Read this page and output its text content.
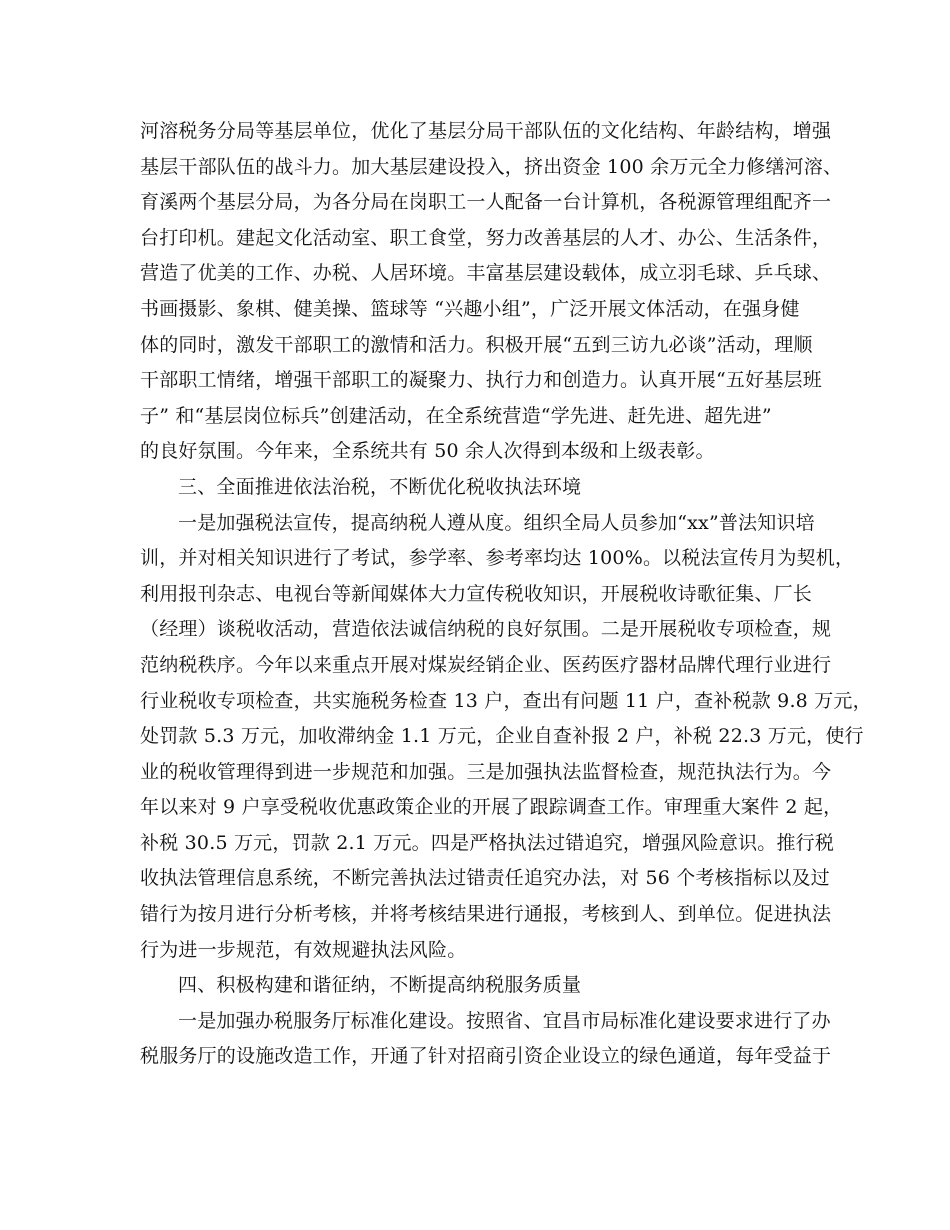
河溶税务分局等基层单位，优化了基层分局干部队伍的文化结构、年龄结构，增强
基层干部队伍的战斗力。加大基层建设投入，挤出资金 100 余万元全力修缮河溶、
育溪两个基层分局，为各分局在岗职工一人配备一台计算机，各税源管理组配齐一
台打印机。建起文化活动室、职工食堂，努力改善基层的人才、办公、生活条件，
营造了优美的工作、办税、人居环境。丰富基层建设载体，成立羽毛球、乒乓球、
书画摄影、象棋、健美操、篮球等 “兴趣小组”，广泛开展文体活动，在强身健
体的同时，激发干部职工的激情和活力。积极开展“五到三访九必谈”活动，理顺
干部职工情绪，增强干部职工的凝聚力、执行力和创造力。认真开展“五好基层班
子” 和“基层岗位标兵”创建活动，在全系统营造“学先进、赶先进、超先进”
的良好氛围。今年来，全系统共有 50 余人次得到本级和上级表彰。
三、全面推进依法治税，不断优化税收执法环境
一是加强税法宣传，提高纳税人遵从度。组织全局人员参加“xx”普法知识培
训，并对相关知识进行了考试，参学率、参考率均达 100%。以税法宣传月为契机，
利用报刊杂志、电视台等新闻媒体大力宣传税收知识，开展税收诗歌征集、厂长
（经理）谈税收活动，营造依法诚信纳税的良好氛围。二是开展税收专项检查，规
范纳税秩序。今年以来重点开展对煤炭经销企业、医药医疗器材品牌代理行业进行
行业税收专项检查，共实施税务检查 13 户，查出有问题 11 户，查补税款 9.8 万元，
处罚款 5.3 万元，加收滞纳金 1.1 万元，企业自查补报 2 户，补税 22.3 万元，使行
业的税收管理得到进一步规范和加强。三是加强执法监督检查，规范执法行为。今
年以来对 9 户享受税收优惠政策企业的开展了跟踪调查工作。审理重大案件 2 起，
补税 30.5 万元，罚款 2.1 万元。四是严格执法过错追究，增强风险意识。推行税
收执法管理信息系统，不断完善执法过错责任追究办法，对 56 个考核指标以及过
错行为按月进行分析考核，并将考核结果进行通报，考核到人、到单位。促进执法
行为进一步规范，有效规避执法风险。
四、积极构建和谐征纳，不断提高纳税服务质量
一是加强办税服务厅标准化建设。按照省、宜昌市局标准化建设要求进行了办
税服务厅的设施改造工作，开通了针对招商引资企业设立的绿色通道，每年受益于
